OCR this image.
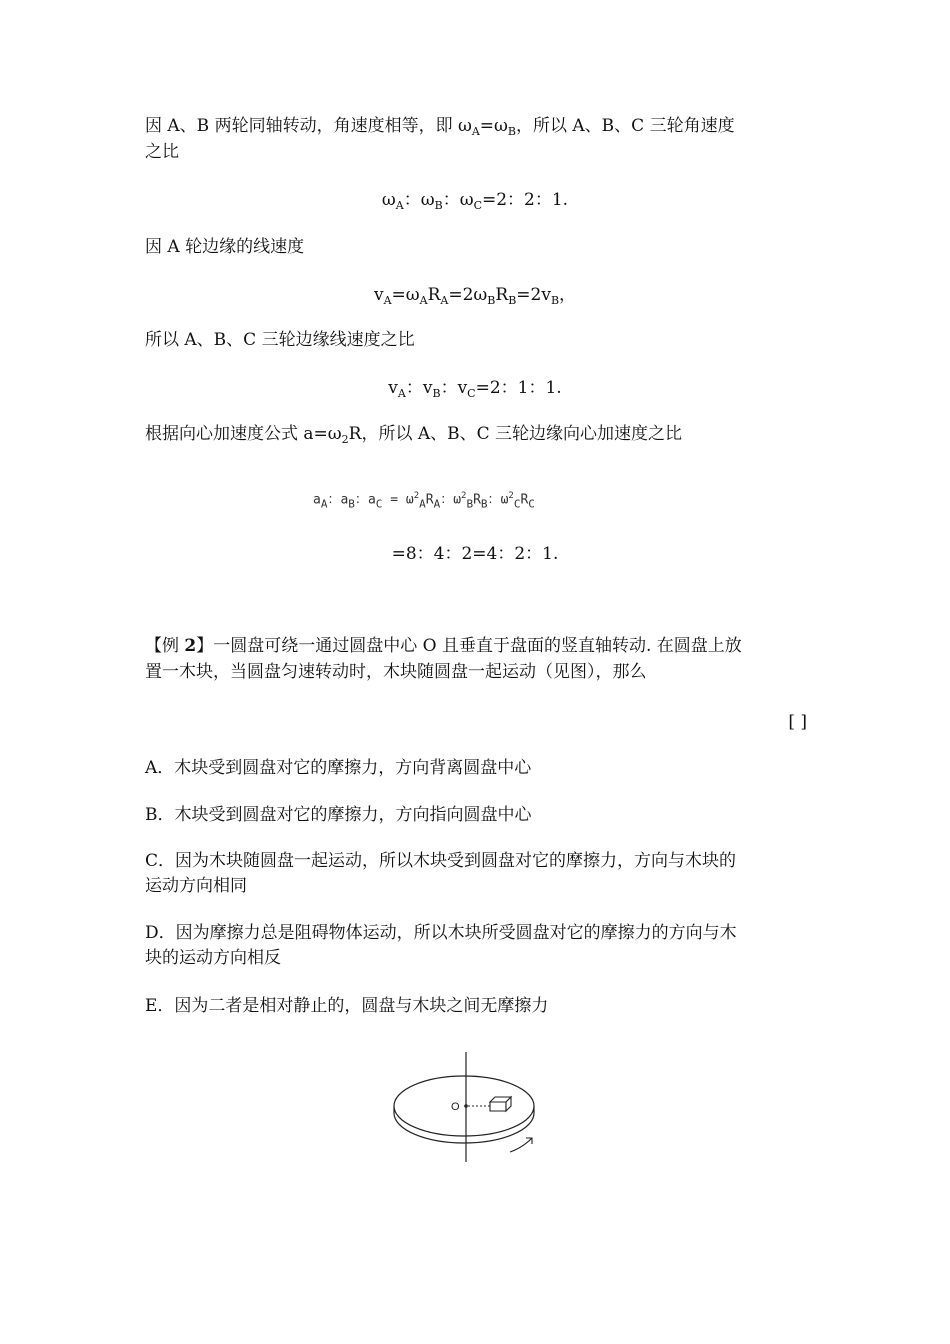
因 A、B 两轮同轴转动，角速度相等，即 $\omega_A=\omega_B$，所以 A、B、C 三轮角速度
之比
$\omega_A$：$\omega_B$：$\omega_C=2$：2：1.
因 A 轮边缘的线速度
$v_A=\omega_AR_A=2\omega_BR_B=2v_B$，
所以 A、B、C 三轮边缘线速度之比
$v_A$：$v_B$：$v_C=2$：1：1.
根据向心加速度公式 $a=\omega_2R$，所以 A、B、C 三轮边缘向心加速度之比
$a_A$：$a_B$：$a_C = \omega^2_AR_A$：$\omega^2_BR_B$：$\omega^2_CR_C$
=8：4：2=4：2：1.
【例 2】一圆盘可绕一通过圆盘中心 O 且垂直于盘面的竖直轴转动. 在圆盘上放
置一木块，当圆盘匀速转动时，木块随圆盘一起运动（见图），那么
[ ]
A．木块受到圆盘对它的摩擦力，方向背离圆盘中心
B．木块受到圆盘对它的摩擦力，方向指向圆盘中心
C．因为木块随圆盘一起运动，所以木块受到圆盘对它的摩擦力，方向与木块的
运动方向相同
D．因为摩擦力总是阻碍物体运动，所以木块所受圆盘对它的摩擦力的方向与木
块的运动方向相反
E．因为二者是相对静止的，圆盘与木块之间无摩擦力
O
